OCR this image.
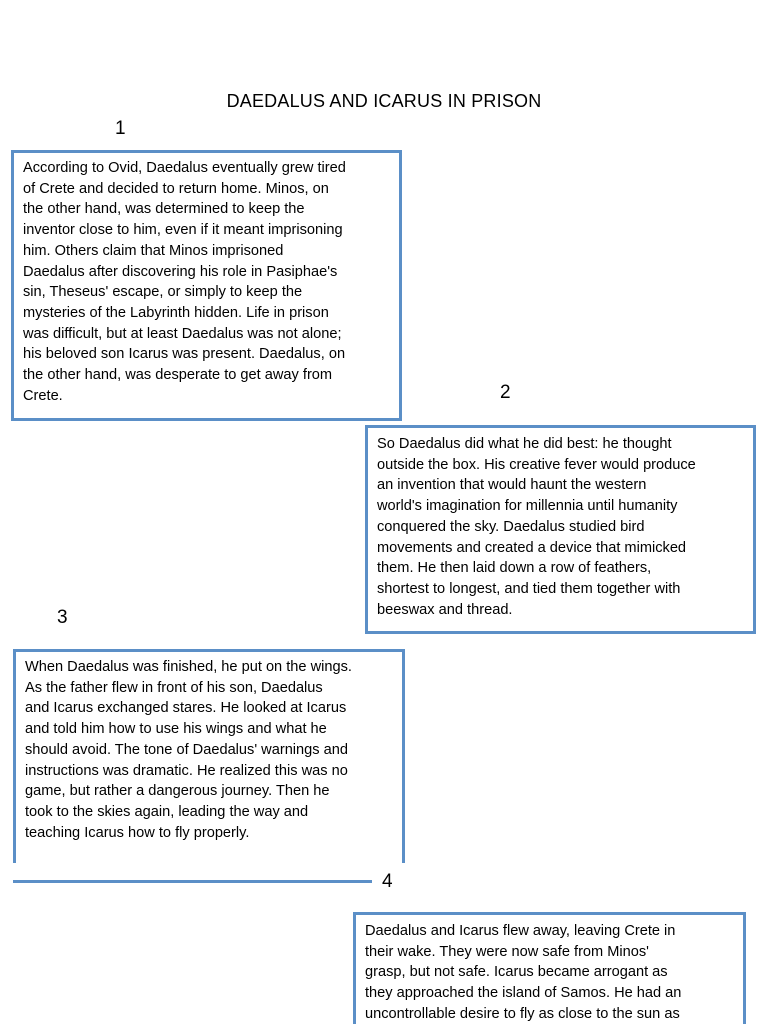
DAEDALUS AND ICARUS IN PRISON
1

According to Ovid, Daedalus eventually grew tired
of Crete and decided to return home. Minos, on
the other hand, was determined to keep the
inventor close to him, even if it meant imprisoning
him. Others claim that Minos imprisoned
Daedalus after discovering his role in Pasiphae's
sin, Theseus' escape, or simply to keep the
mysteries of the Labyrinth hidden. Life in prison
was difficult, but at least Daedalus was not alone;
his beloved son Icarus was present. Daedalus, on
the other hand, was desperate to get away from
Crete.	2

So Daedalus did what he did best: he thought
outside the box. His creative fever would produce
an invention that would haunt the western
world's imagination for millennia until humanity
conquered the sky. Daedalus studied bird
movements and created a device that mimicked
them. He then laid down a row of feathers,
shortest to longest, and tied them together with
beeswax and thread.

3

When Daedalus was finished, he put on the wings.
As the father flew in front of his son, Daedalus
and Icarus exchanged stares. He looked at Icarus
and told him how to use his wings and what he
should avoid. The tone of Daedalus' warnings and
instructions was dramatic. He realized this was no
game, but rather a dangerous journey. Then he
took to the skies again, leading the way and
teaching Icarus how to fly properly.

4

Daedalus and Icarus flew away, leaving Crete in
their wake. They were now safe from Minos'
grasp, but not safe. Icarus became arrogant as
they approached the island of Samos. He had an
uncontrollable desire to fly as close to the sun as
